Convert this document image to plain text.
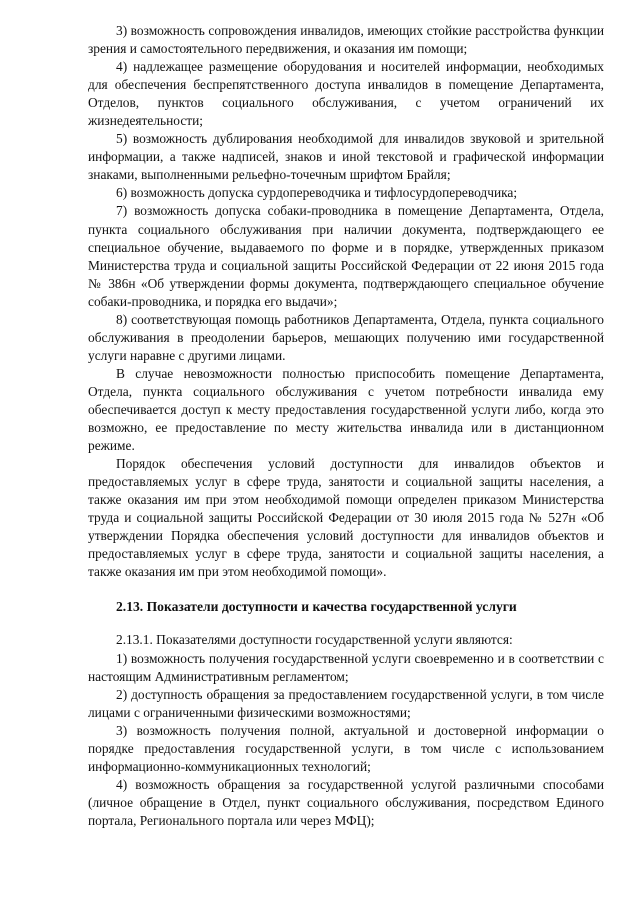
3) возможность сопровождения инвалидов, имеющих стойкие расстройства функции зрения и самостоятельного передвижения, и оказания им помощи;

4) надлежащее размещение оборудования и носителей информации, необходимых для обеспечения беспрепятственного доступа инвалидов в помещение Департамента, Отделов, пунктов социального обслуживания, с учетом ограничений их жизнедеятельности;

5) возможность дублирования необходимой для инвалидов звуковой и зрительной информации, а также надписей, знаков и иной текстовой и графической информации знаками, выполненными рельефно-точечным шрифтом Брайля;

6) возможность допуска сурдопереводчика и тифлосурдопереводчика;

7) возможность допуска собаки-проводника в помещение Департамента, Отдела, пункта социального обслуживания при наличии документа, подтверждающего ее специальное обучение, выдаваемого по форме и в порядке, утвержденных приказом Министерства труда и социальной защиты Российской Федерации от 22 июня 2015 года № 386н «Об утверждении формы документа, подтверждающего специальное обучение собаки-проводника, и порядка его выдачи»;

8) соответствующая помощь работников Департамента, Отдела, пункта социального обслуживания в преодолении барьеров, мешающих получению ими государственной услуги наравне с другими лицами.

В случае невозможности полностью приспособить помещение Департамента, Отдела, пункта социального обслуживания с учетом потребности инвалида ему обеспечивается доступ к месту предоставления государственной услуги либо, когда это возможно, ее предоставление по месту жительства инвалида или в дистанционном режиме.

Порядок обеспечения условий доступности для инвалидов объектов и предоставляемых услуг в сфере труда, занятости и социальной защиты населения, а также оказания им при этом необходимой помощи определен приказом Министерства труда и социальной защиты Российской Федерации от 30 июля 2015 года № 527н «Об утверждении Порядка обеспечения условий доступности для инвалидов объектов и предоставляемых услуг в сфере труда, занятости и социальной защиты населения, а также оказания им при этом необходимой помощи».

2.13. Показатели доступности и качества государственной услуги

2.13.1. Показателями доступности государственной услуги являются:

1) возможность получения государственной услуги своевременно и в соответствии с настоящим Административным регламентом;

2) доступность обращения за предоставлением государственной услуги, в том числе лицами с ограниченными физическими возможностями;

3) возможность получения полной, актуальной и достоверной информации о порядке предоставления государственной услуги, в том числе с использованием информационно-коммуникационных технологий;

4) возможность обращения за государственной услугой различными способами (личное обращение в Отдел, пункт социального обслуживания, посредством Единого портала, Регионального портала или через МФЦ);
